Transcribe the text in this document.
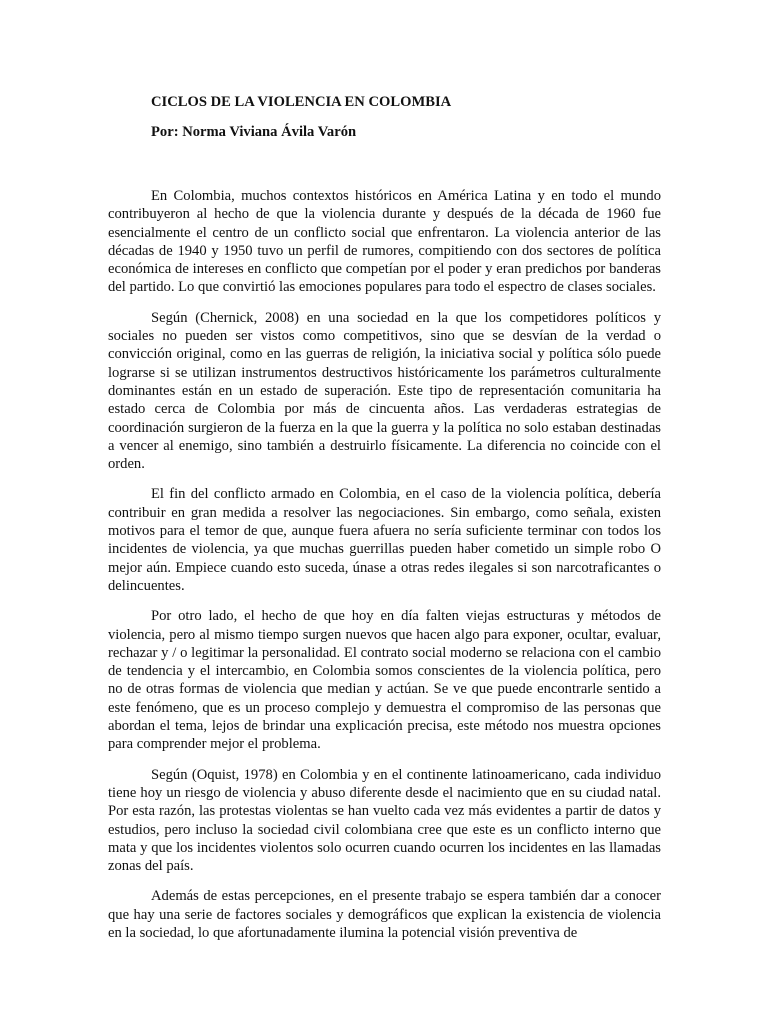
CICLOS DE LA VIOLENCIA EN COLOMBIA
Por: Norma Viviana Ávila Varón

En Colombia, muchos contextos históricos en América Latina y en todo el mundo contribuyeron al hecho de que la violencia durante y después de la década de 1960 fue esencialmente el centro de un conflicto social que enfrentaron. La violencia anterior de las décadas de 1940 y 1950 tuvo un perfil de rumores, compitiendo con dos sectores de política económica de intereses en conflicto que competían por el poder y eran predichos por banderas del partido. Lo que convirtió las emociones populares para todo el espectro de clases sociales.

Según (Chernick, 2008) en una sociedad en la que los competidores políticos y sociales no pueden ser vistos como competitivos, sino que se desvían de la verdad o convicción original, como en las guerras de religión, la iniciativa social y política sólo puede lograrse si se utilizan instrumentos destructivos históricamente los parámetros culturalmente dominantes están en un estado de superación. Este tipo de representación comunitaria ha estado cerca de Colombia por más de cincuenta años. Las verdaderas estrategias de coordinación surgieron de la fuerza en la que la guerra y la política no solo estaban destinadas a vencer al enemigo, sino también a destruirlo físicamente. La diferencia no coincide con el orden.

El fin del conflicto armado en Colombia, en el caso de la violencia política, debería contribuir en gran medida a resolver las negociaciones. Sin embargo, como señala, existen motivos para el temor de que, aunque fuera afuera no sería suficiente terminar con todos los incidentes de violencia, ya que muchas guerrillas pueden haber cometido un simple robo O mejor aún. Empiece cuando esto suceda, únase a otras redes ilegales si son narcotraficantes o delincuentes.

Por otro lado, el hecho de que hoy en día falten viejas estructuras y métodos de violencia, pero al mismo tiempo surgen nuevos que hacen algo para exponer, ocultar, evaluar, rechazar y / o legitimar la personalidad. El contrato social moderno se relaciona con el cambio de tendencia y el intercambio, en Colombia somos conscientes de la violencia política, pero no de otras formas de violencia que median y actúan. Se ve que puede encontrarle sentido a este fenómeno, que es un proceso complejo y demuestra el compromiso de las personas que abordan el tema, lejos de brindar una explicación precisa, este método nos muestra opciones para comprender mejor el problema.

Según (Oquist, 1978) en Colombia y en el continente latinoamericano, cada individuo tiene hoy un riesgo de violencia y abuso diferente desde el nacimiento que en su ciudad natal. Por esta razón, las protestas violentas se han vuelto cada vez más evidentes a partir de datos y estudios, pero incluso la sociedad civil colombiana cree que este es un conflicto interno que mata y que los incidentes violentos solo ocurren cuando ocurren los incidentes en las llamadas zonas del país.

Además de estas percepciones, en el presente trabajo se espera también dar a conocer que hay una serie de factores sociales y demográficos que explican la existencia de violencia en la sociedad, lo que afortunadamente ilumina la potencial visión preventiva de
